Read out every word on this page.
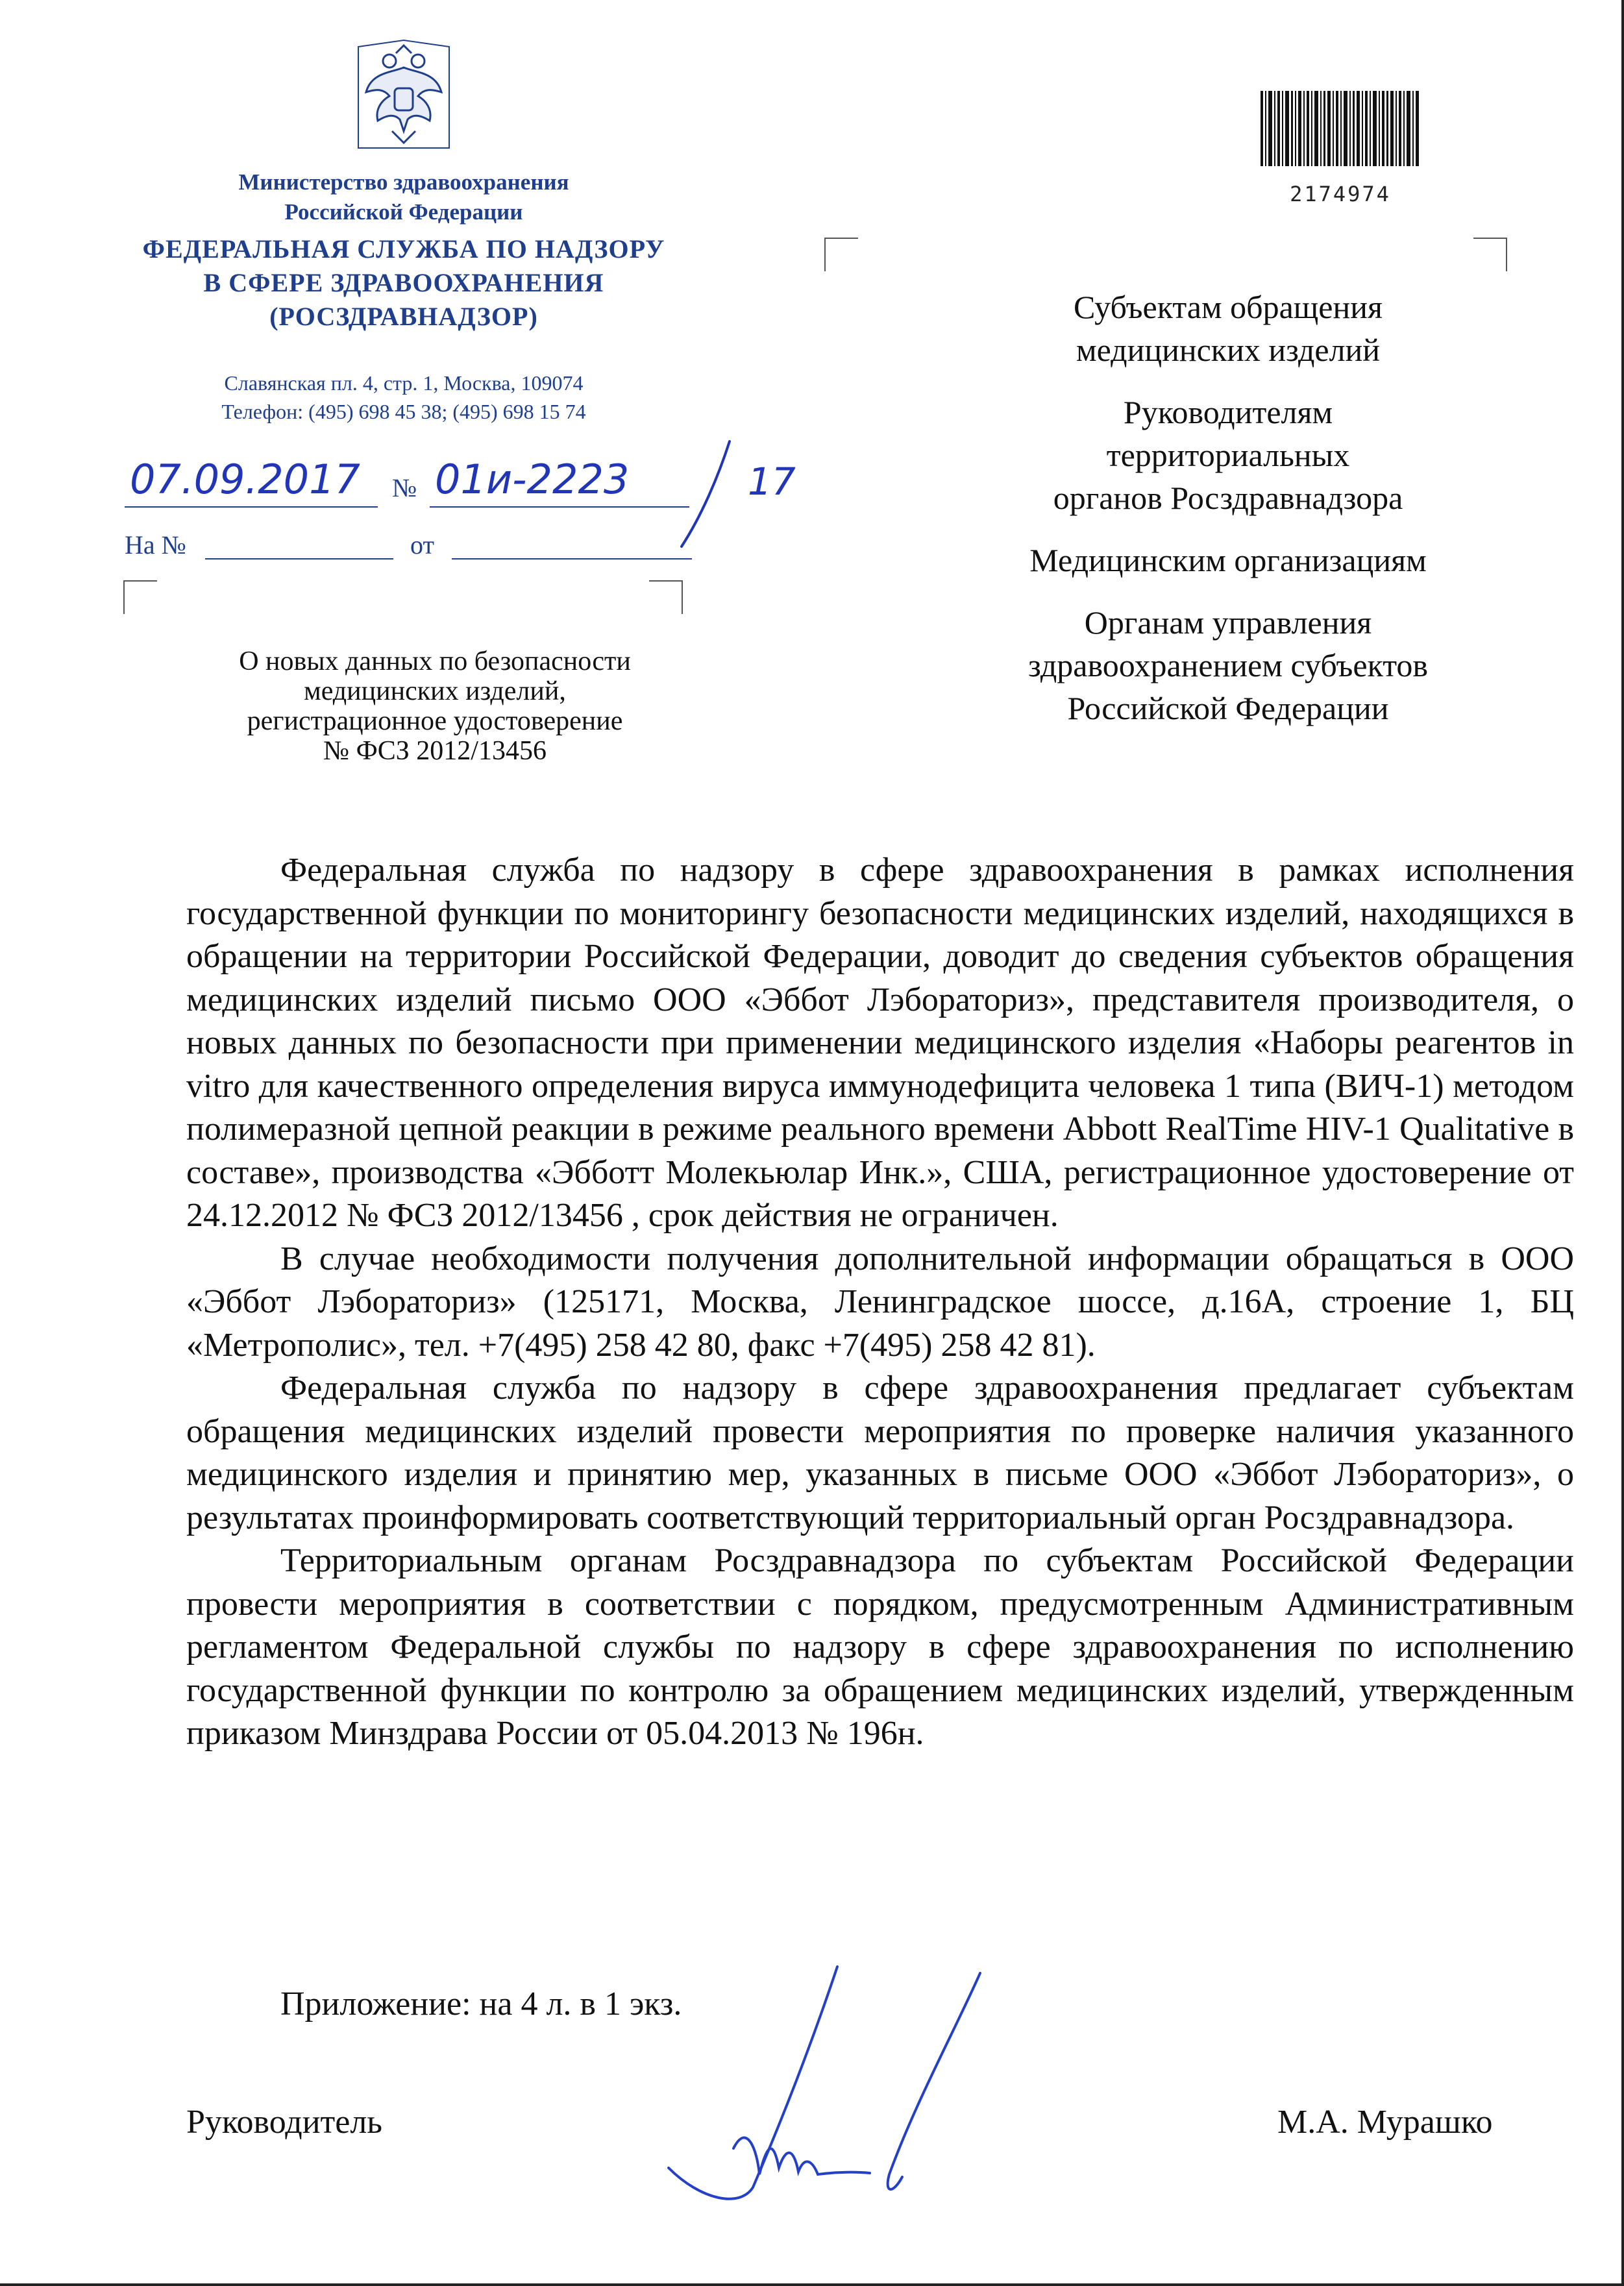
Министерство здравоохранения
Российской Федерации
ФЕДЕРАЛЬНАЯ СЛУЖБА ПО НАДЗОРУ
В СФЕРЕ ЗДРАВООХРАНЕНИЯ
(РОСЗДРАВНАДЗОР)
Славянская пл. 4, стр. 1, Москва, 109074
Телефон: (495) 698 45 38; (495) 698 15 74
07.09.2017 № 01и-2223	17
На №	от
О новых данных по безопасности
медицинских изделий,
регистрационное удостоверение
№ ФСЗ 2012/13456
2174974
Субъектам обращения
медицинских изделий
Руководителям
территориальных
органов Росздравнадзора
Медицинским организациям
Органам управления
здравоохранением субъектов
Российской Федерации

Федеральная служба по надзору в сфере здравоохранения в рамках исполнения государственной функции по мониторингу безопасности медицинских изделий, находящихся в обращении на территории Российской Федерации, доводит до сведения субъектов обращения медицинских изделий письмо ООО «Эббот Лэбораториз», представителя производителя, о новых данных по безопасности при применении медицинского изделия «Наборы реагентов in vitro для качественного определения вируса иммунодефицита человека 1 типа (ВИЧ-1) методом полимеразной цепной реакции в режиме реального времени Abbott RealTime HIV-1 Qualitative в составе», производства «Эбботт Молекьюлар Инк.», США, регистрационное удостоверение от 24.12.2012 № ФСЗ 2012/13456 , срок действия не ограничен.

В случае необходимости получения дополнительной информации обращаться в ООО «Эббот Лэбораториз» (125171, Москва, Ленинградское шоссе, д.16А, строение 1, БЦ «Метрополис», тел. +7(495) 258 42 80, факс +7(495) 258 42 81).

Федеральная служба по надзору в сфере здравоохранения предлагает субъектам обращения медицинских изделий провести мероприятия по проверке наличия указанного медицинского изделия и принятию мер, указанных в письме ООО «Эббот Лэбораториз», о результатах проинформировать соответствующий территориальный орган Росздравнадзора.

Территориальным органам Росздравнадзора по субъектам Российской Федерации провести мероприятия в соответствии с порядком, предусмотренным Административным регламентом Федеральной службы по надзору в сфере здравоохранения по исполнению государственной функции по контролю за обращением медицинских изделий, утвержденным приказом Минздрава России от 05.04.2013 № 196н.

Приложение: на 4 л. в 1 экз.
Руководитель	М.А. Мурашко
